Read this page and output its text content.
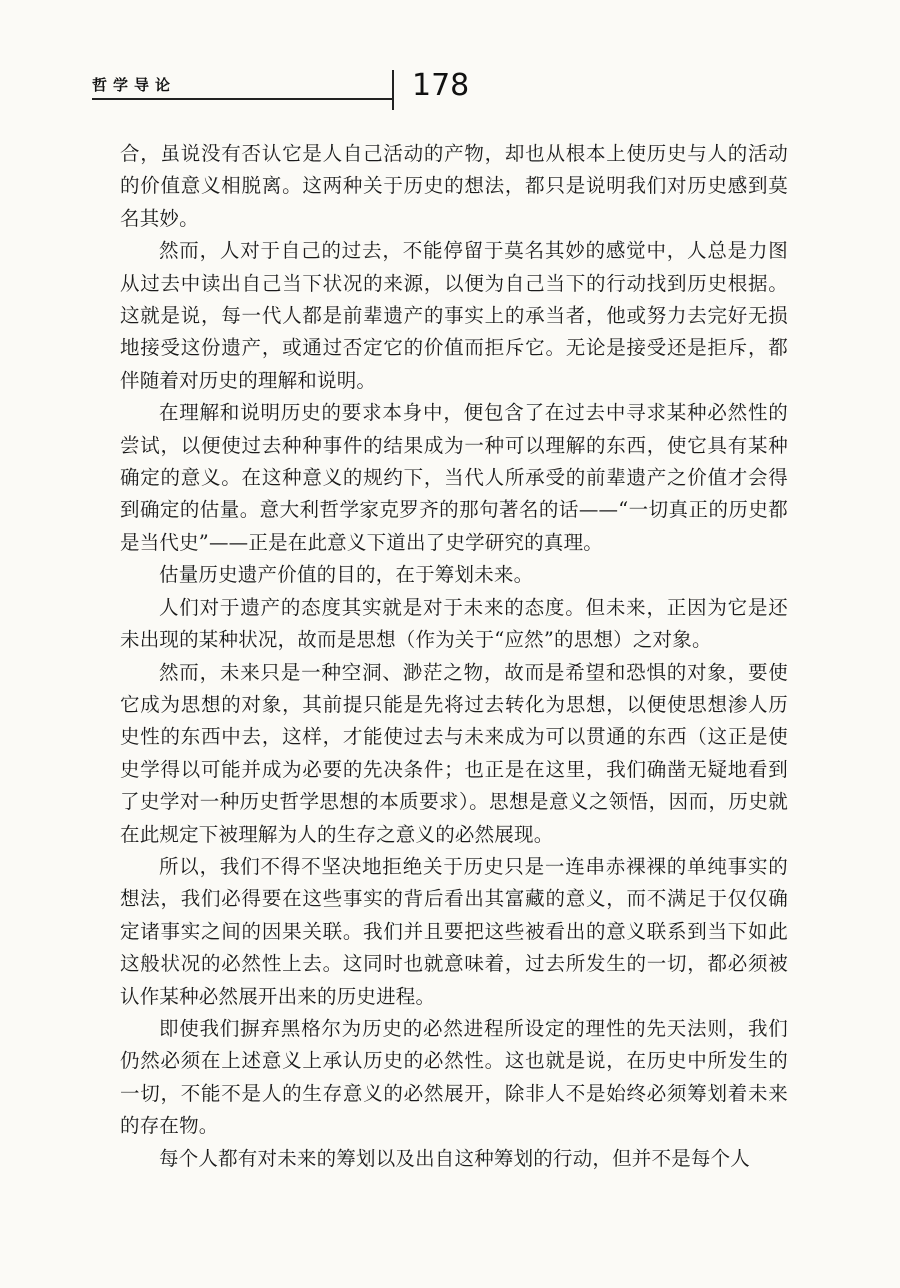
哲学导论	178

合，虽说没有否认它是人自己活动的产物，却也从根本上使历史与人的活动的价值意义相脱离。这两种关于历史的想法，都只是说明我们对历史感到莫名其妙。

然而，人对于自己的过去，不能停留于莫名其妙的感觉中，人总是力图从过去中读出自己当下状况的来源，以便为自己当下的行动找到历史根据。这就是说，每一代人都是前辈遗产的事实上的承当者，他或努力去完好无损地接受这份遗产，或通过否定它的价值而拒斥它。无论是接受还是拒斥，都伴随着对历史的理解和说明。

在理解和说明历史的要求本身中，便包含了在过去中寻求某种必然性的尝试，以便使过去种种事件的结果成为一种可以理解的东西，使它具有某种确定的意义。在这种意义的规约下，当代人所承受的前辈遗产之价值才会得到确定的估量。意大利哲学家克罗齐的那句著名的话——“一切真正的历史都是当代史”——正是在此意义下道出了史学研究的真理。

估量历史遗产价值的目的，在于筹划未来。

人们对于遗产的态度其实就是对于未来的态度。但未来，正因为它是还未出现的某种状况，故而是思想（作为关于“应然”的思想）之对象。

然而，未来只是一种空洞、渺茫之物，故而是希望和恐惧的对象，要使它成为思想的对象，其前提只能是先将过去转化为思想，以便使思想渗人历史性的东西中去，这样，才能使过去与未来成为可以贯通的东西（这正是使史学得以可能并成为必要的先决条件；也正是在这里，我们确凿无疑地看到了史学对一种历史哲学思想的本质要求）。思想是意义之领悟，因而，历史就在此规定下被理解为人的生存之意义的必然展现。

所以，我们不得不坚决地拒绝关于历史只是一连串赤裸裸的单纯事实的想法，我们必得要在这些事实的背后看出其富藏的意义，而不满足于仅仅确定诸事实之间的因果关联。我们并且要把这些被看出的意义联系到当下如此这般状况的必然性上去。这同时也就意味着，过去所发生的一切，都必须被认作某种必然展开出来的历史进程。

即使我们摒弃黑格尔为历史的必然进程所设定的理性的先天法则，我们仍然必须在上述意义上承认历史的必然性。这也就是说，在历史中所发生的一切，不能不是人的生存意义的必然展开，除非人不是始终必须筹划着未来的存在物。

每个人都有对未来的筹划以及出自这种筹划的行动，但并不是每个人
